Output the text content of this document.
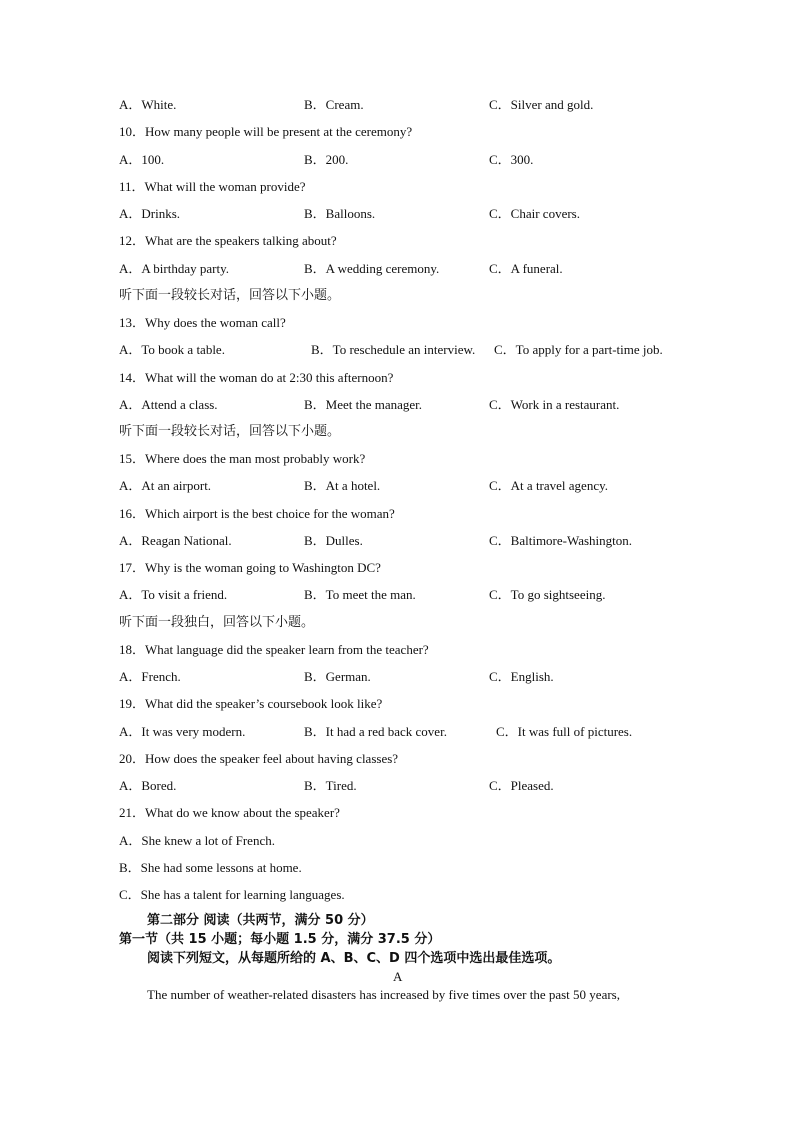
A．White.	B．Cream.	C．Silver and gold.
10．How many people will be present at the ceremony?
A．100.	B．200.	C．300.
11．What will the woman provide?
A．Drinks.	B．Balloons.	C．Chair covers.
12．What are the speakers talking about?
A．A birthday party.	B．A wedding ceremony.	C．A funeral.
听下面一段较长对话，回答以下小题。
13．Why does the woman call?
A．To book a table.	B．To reschedule an interview. C．To apply for a part-time job.
14．What will the woman do at 2:30 this afternoon?
A．Attend a class.	B．Meet the manager.	C．Work in a restaurant.
听下面一段较长对话，回答以下小题。
15．Where does the man most probably work?
A．At an airport.	B．At a hotel.	C．At a travel agency.
16．Which airport is the best choice for the woman?
A．Reagan National.	B．Dulles.	C．Baltimore-Washington.
17．Why is the woman going to Washington DC?
A．To visit a friend.	B．To meet the man.	C．To go sightseeing.
听下面一段独白，回答以下小题。
18．What language did the speaker learn from the teacher?
A．French.	B．German.	C．English.
19．What did the speaker’s coursebook look like?
A．It was very modern.	B．It had a red back cover.	C．It was full of pictures.
20．How does the speaker feel about having classes?
A．Bored.	B．Tired.	C．Pleased.
21．What do we know about the speaker?
A．She knew a lot of French.
B．She had some lessons at home.
C．She has a talent for learning languages.
第二部分 阅读（共两节，满分 50 分）
第一节（共 15 小题；每小题 1.5 分，满分 37.5 分）
阅读下列短文，从每题所给的 A、B、C、D 四个选项中选出最佳选项。
A
The number of weather-related disasters has increased by five times over the past 50 years,
